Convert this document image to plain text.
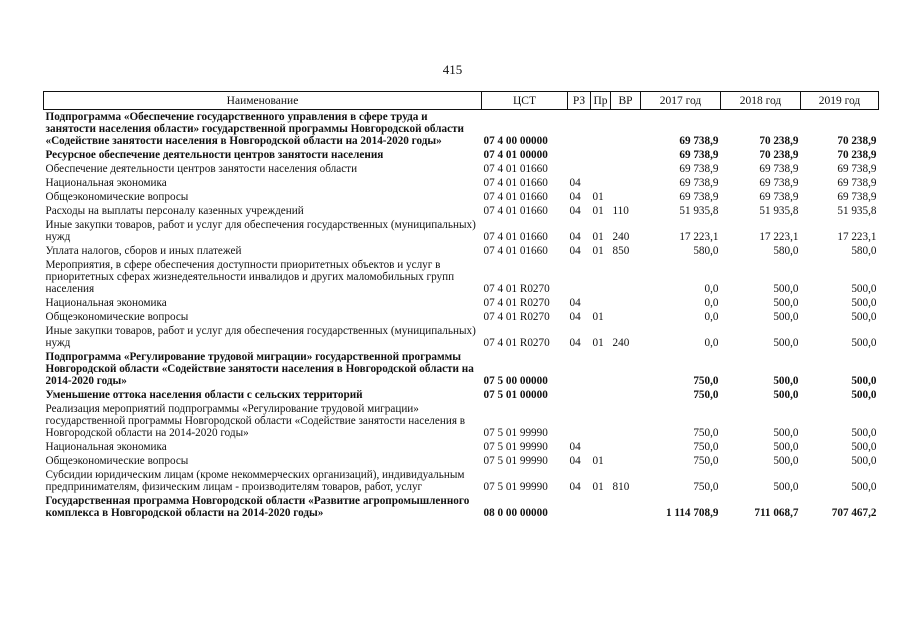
415
Наименование	ЦСТ	РЗ	Пр	ВР	2017 год	2018 год	2019 год
Подпрограмма «Обеспечение государственного управления в сфере труда и занятости населения области» государственной программы Новгородской области «Содействие занятости населения в Новгородской области на 2014-2020 годы»	07 4 00 00000				69 738,9	70 238,9	70 238,9
Ресурсное обеспечение деятельности центров занятости населения	07 4 01 00000				69 738,9	70 238,9	70 238,9
Обеспечение деятельности центров занятости населения области	07 4 01 01660				69 738,9	69 738,9	69 738,9
Национальная экономика	07 4 01 01660	04			69 738,9	69 738,9	69 738,9
Общеэкономические вопросы	07 4 01 01660	04	01		69 738,9	69 738,9	69 738,9
Расходы на выплаты персоналу казенных учреждений	07 4 01 01660	04	01	110	51 935,8	51 935,8	51 935,8
Иные закупки товаров, работ и услуг для обеспечения государственных (муниципальных) нужд	07 4 01 01660	04	01	240	17 223,1	17 223,1	17 223,1
Уплата налогов, сборов и иных платежей	07 4 01 01660	04	01	850	580,0	580,0	580,0
Мероприятия, в сфере обеспечения доступности приоритетных объектов и услуг в приоритетных сферах жизнедеятельности инвалидов и других маломобильных групп населения	07 4 01 R0270				0,0	500,0	500,0
Национальная экономика	07 4 01 R0270	04			0,0	500,0	500,0
Общеэкономические вопросы	07 4 01 R0270	04	01		0,0	500,0	500,0
Иные закупки товаров, работ и услуг для обеспечения государственных (муниципальных) нужд	07 4 01 R0270	04	01	240	0,0	500,0	500,0
Подпрограмма «Регулирование трудовой миграции» государственной программы Новгородской области «Содействие занятости населения в Новгородской области на 2014-2020 годы»	07 5 00 00000				750,0	500,0	500,0
Уменьшение оттока населения области с сельских территорий	07 5 01 00000				750,0	500,0	500,0
Реализация мероприятий подпрограммы «Регулирование трудовой миграции» государственной программы Новгородской области «Содействие занятости населения в Новгородской области на 2014-2020 годы»	07 5 01 99990				750,0	500,0	500,0
Национальная экономика	07 5 01 99990	04			750,0	500,0	500,0
Общеэкономические вопросы	07 5 01 99990	04	01		750,0	500,0	500,0
Субсидии юридическим лицам (кроме некоммерческих организаций), индивидуальным предпринимателям, физическим лицам - производителям товаров, работ, услуг	07 5 01 99990	04	01	810	750,0	500,0	500,0
Государственная программа Новгородской области «Развитие агропромышленного комплекса в Новгородской области на 2014-2020 годы»	08 0 00 00000				1 114 708,9	711 068,7	707 467,2
